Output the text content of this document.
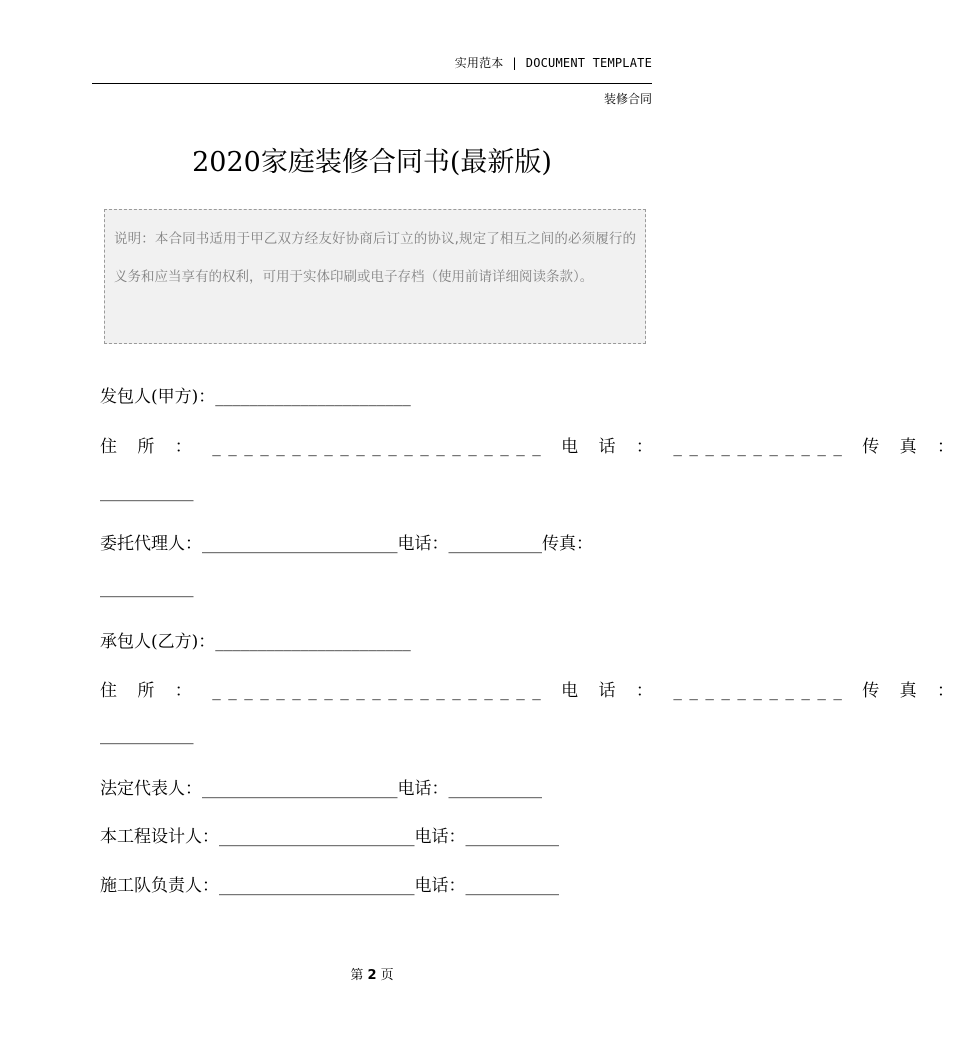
实用范本 | DOCUMENT TEMPLATE
装修合同
2020家庭装修合同书(最新版)
说明：本合同书适用于甲乙双方经友好协商后订立的协议,规定了相互之间的必须履行的义务和应当享有的权利，可用于实体印刷或电子存档（使用前请详细阅读条款）。
发包人(甲方)：_______________________
住 所 ： _____________________ 电 话 ： ___________ 传 真 ：
___________
委托代理人：_______________________电话：___________传真：
___________
承包人(乙方)：_______________________
住 所 ： _____________________ 电 话 ： ___________ 传 真 ：
___________
法定代表人：_______________________电话：___________
本工程设计人：_______________________电话：___________
施工队负责人：_______________________电话：___________
第 2 页
